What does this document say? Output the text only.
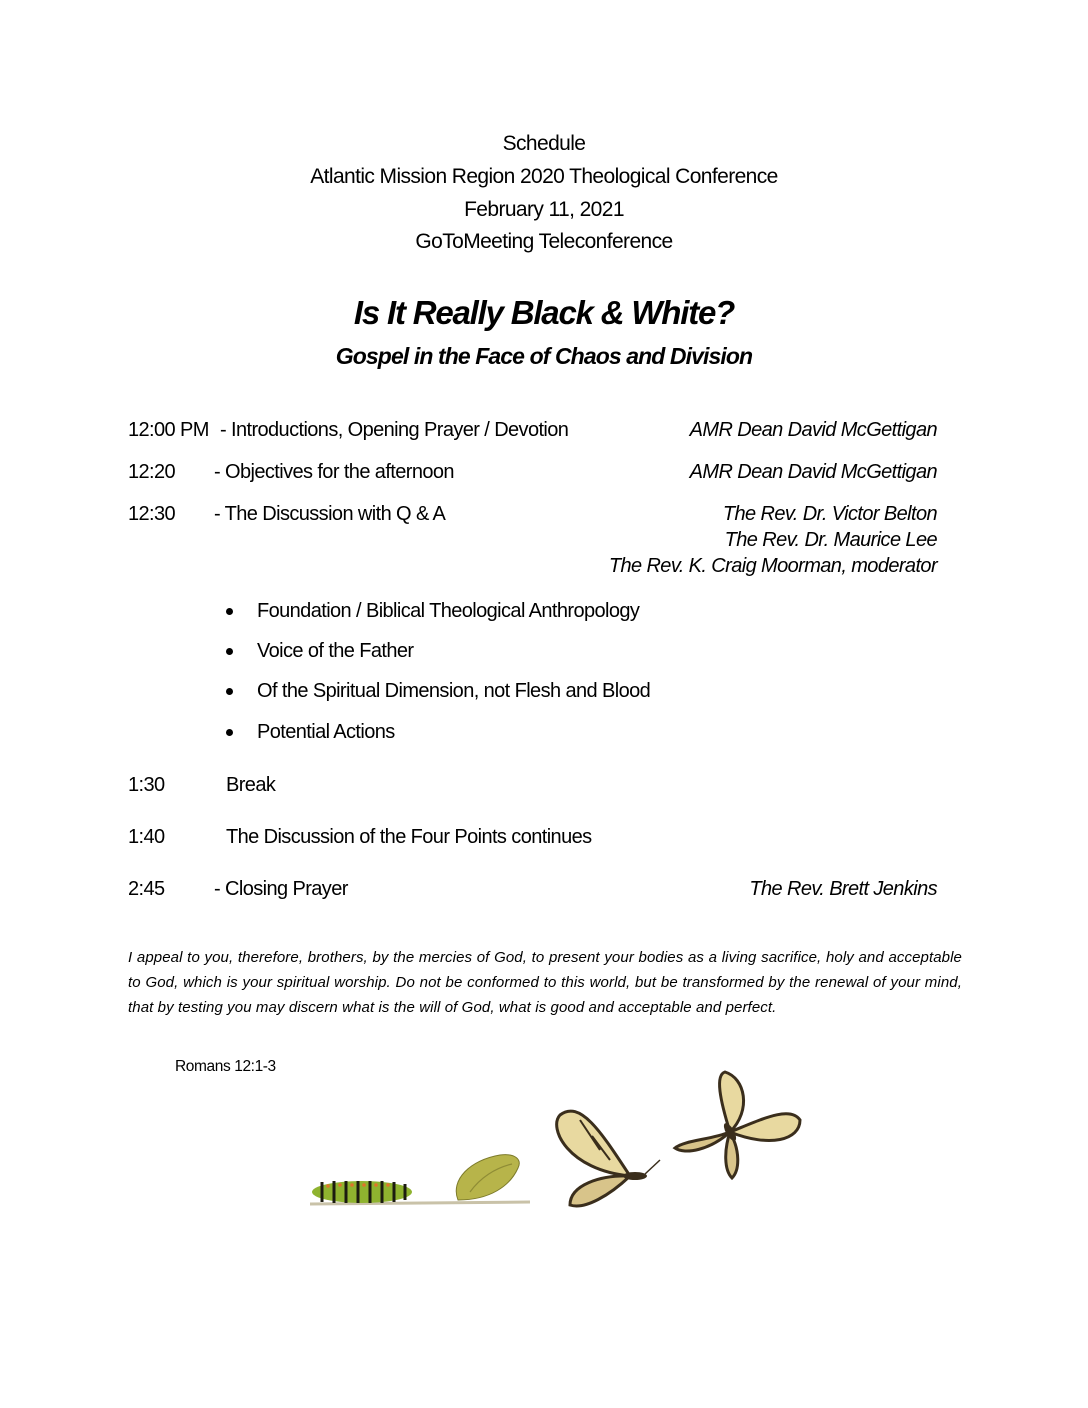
Schedule
Atlantic Mission Region 2020 Theological Conference
February 11, 2021
GoToMeeting Teleconference
Is It Really Black & White?
Gospel in the Face of Chaos and Division
12:00 PM - Introductions, Opening Prayer / Devotion	AMR Dean David McGettigan
12:20 - Objectives for the afternoon	AMR Dean David McGettigan
12:30 - The Discussion with Q & A	The Rev. Dr. Victor Belton
The Rev. Dr. Maurice Lee
The Rev. K. Craig Moorman, moderator
Foundation / Biblical Theological Anthropology
Voice of the Father
Of the Spiritual Dimension, not Flesh and Blood
Potential Actions
1:30	Break
1:40	The Discussion of the Four Points continues
2:45 - Closing Prayer	The Rev. Brett Jenkins
I appeal to you, therefore, brothers, by the mercies of God, to present your bodies as a living sacrifice, holy and acceptable to God, which is your spiritual worship. Do not be conformed to this world, but be transformed by the renewal of your mind, that by testing you may discern what is the will of God, what is good and acceptable and perfect.
Romans 12:1-3
